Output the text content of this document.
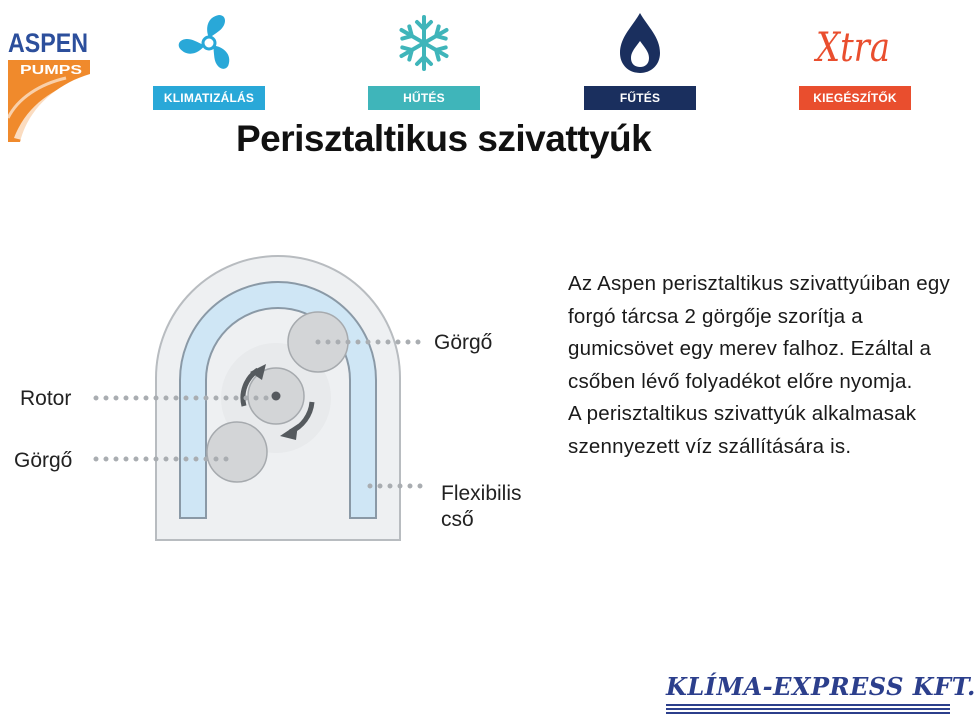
ASPEN
PUMPS
KLIMATIZÁLÁS	HŰTÉS	FŰTÉS
Xtra
KIEGÉSZÍTŐK
Perisztaltikus szivattyúk
Rotor
Görgő
Görgő
Flexibilis
cső

Az Aspen perisztaltikus szivattyúiban egy forgó tárcsa 2 görgője szorítja a gumicsövet egy merev falhoz. Ezáltal a csőben lévő folyadékot előre nyomja.

A perisztaltikus szivattyúk alkalmasak szennyezett víz szállítására is.

KLÍMA-EXPRESS KFT.
